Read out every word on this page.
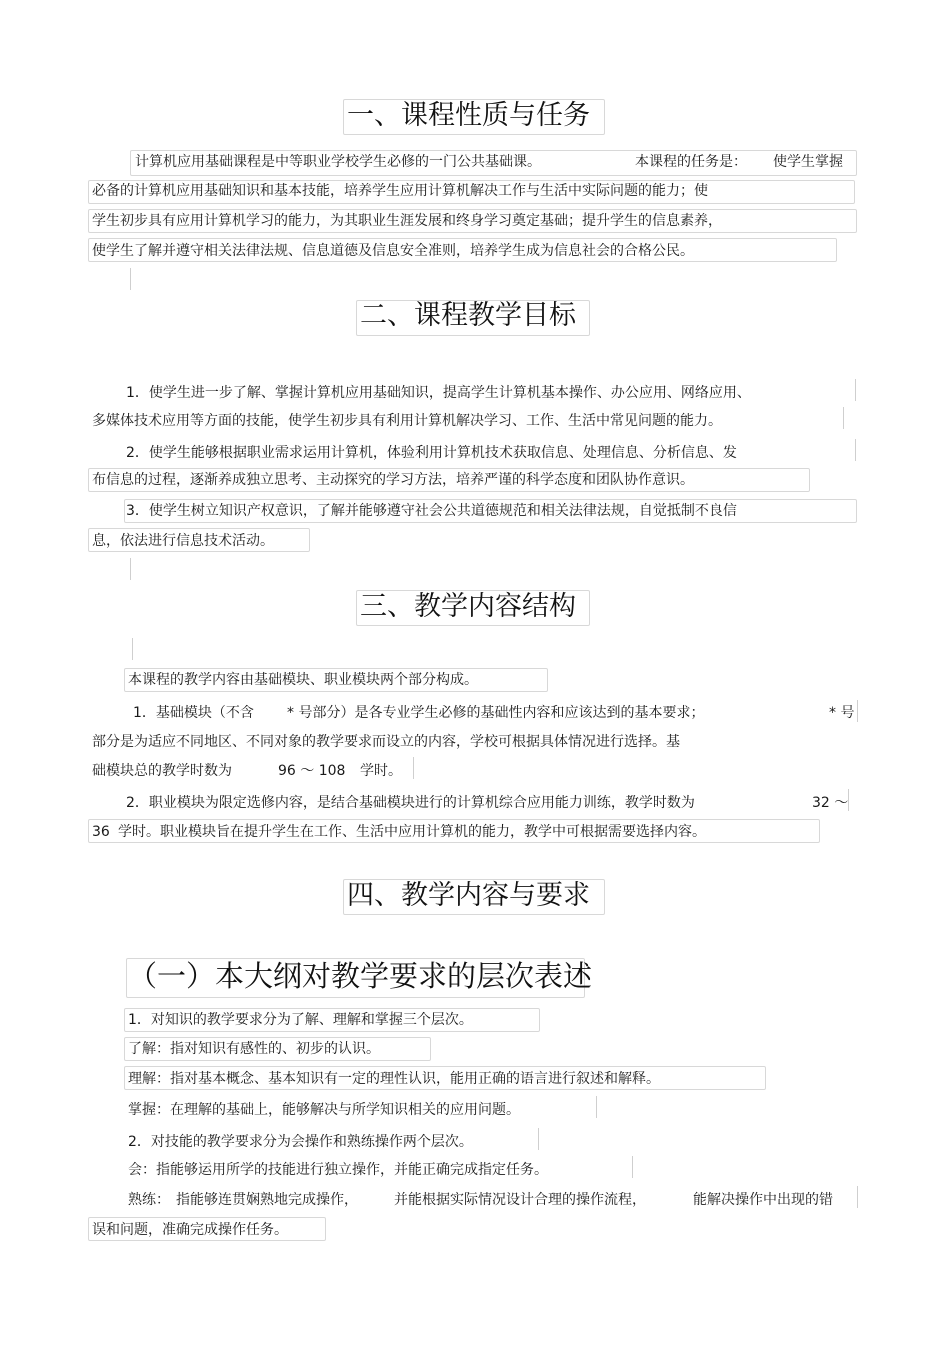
一、课程性质与任务
计算机应用基础课程是中等职业学校学生必修的一门公共基础课。	本课程的任务是： 使学生掌握
必备的计算机应用基础知识和基本技能，培养学生应用计算机解决工作与生活中实际问题的能力；使
学生初步具有应用计算机学习的能力，为其职业生涯发展和终身学习奠定基础；提升学生的信息素养，
使学生了解并遵守相关法律法规、信息道德及信息安全准则，培养学生成为信息社会的合格公民。
二、课程教学目标
1．使学生进一步了解、掌握计算机应用基础知识，提高学生计算机基本操作、办公应用、网络应用、
多媒体技术应用等方面的技能，使学生初步具有利用计算机解决学习、工作、生活中常见问题的能力。
2．使学生能够根据职业需求运用计算机，体验利用计算机技术获取信息、处理信息、分析信息、发
布信息的过程，逐渐养成独立思考、主动探究的学习方法，培养严谨的科学态度和团队协作意识。
3．使学生树立知识产权意识，了解并能够遵守社会公共道德规范和相关法律法规，自觉抵制不良信
息，依法进行信息技术活动。
三、教学内容结构
本课程的教学内容由基础模块、职业模块两个部分构成。
1．基础模块（不含 * 号部分）是各专业学生必修的基础性内容和应该达到的基本要求；	* 号
部分是为适应不同地区、不同对象的教学要求而设立的内容，学校可根据具体情况进行选择。基
础模块总的教学时数为	96 ～ 108 学时。
2．职业模块为限定选修内容，是结合基础模块进行的计算机综合应用能力训练，教学时数为	32 ～
36 学时。职业模块旨在提升学生在工作、生活中应用计算机的能力，教学中可根据需要选择内容。
四、教学内容与要求
（一）本大纲对教学要求的层次表述
1．对知识的教学要求分为了解、理解和掌握三个层次。
了解：指对知识有感性的、初步的认识。
理解：指对基本概念、基本知识有一定的理性认识，能用正确的语言进行叙述和解释。
掌握：在理解的基础上，能够解决与所学知识相关的应用问题。
2．对技能的教学要求分为会操作和熟练操作两个层次。
会：指能够运用所学的技能进行独立操作，并能正确完成指定任务。
熟练： 指能够连贯娴熟地完成操作，	并能根据实际情况设计合理的操作流程，	能解决操作中出现的错
误和问题，准确完成操作任务。
